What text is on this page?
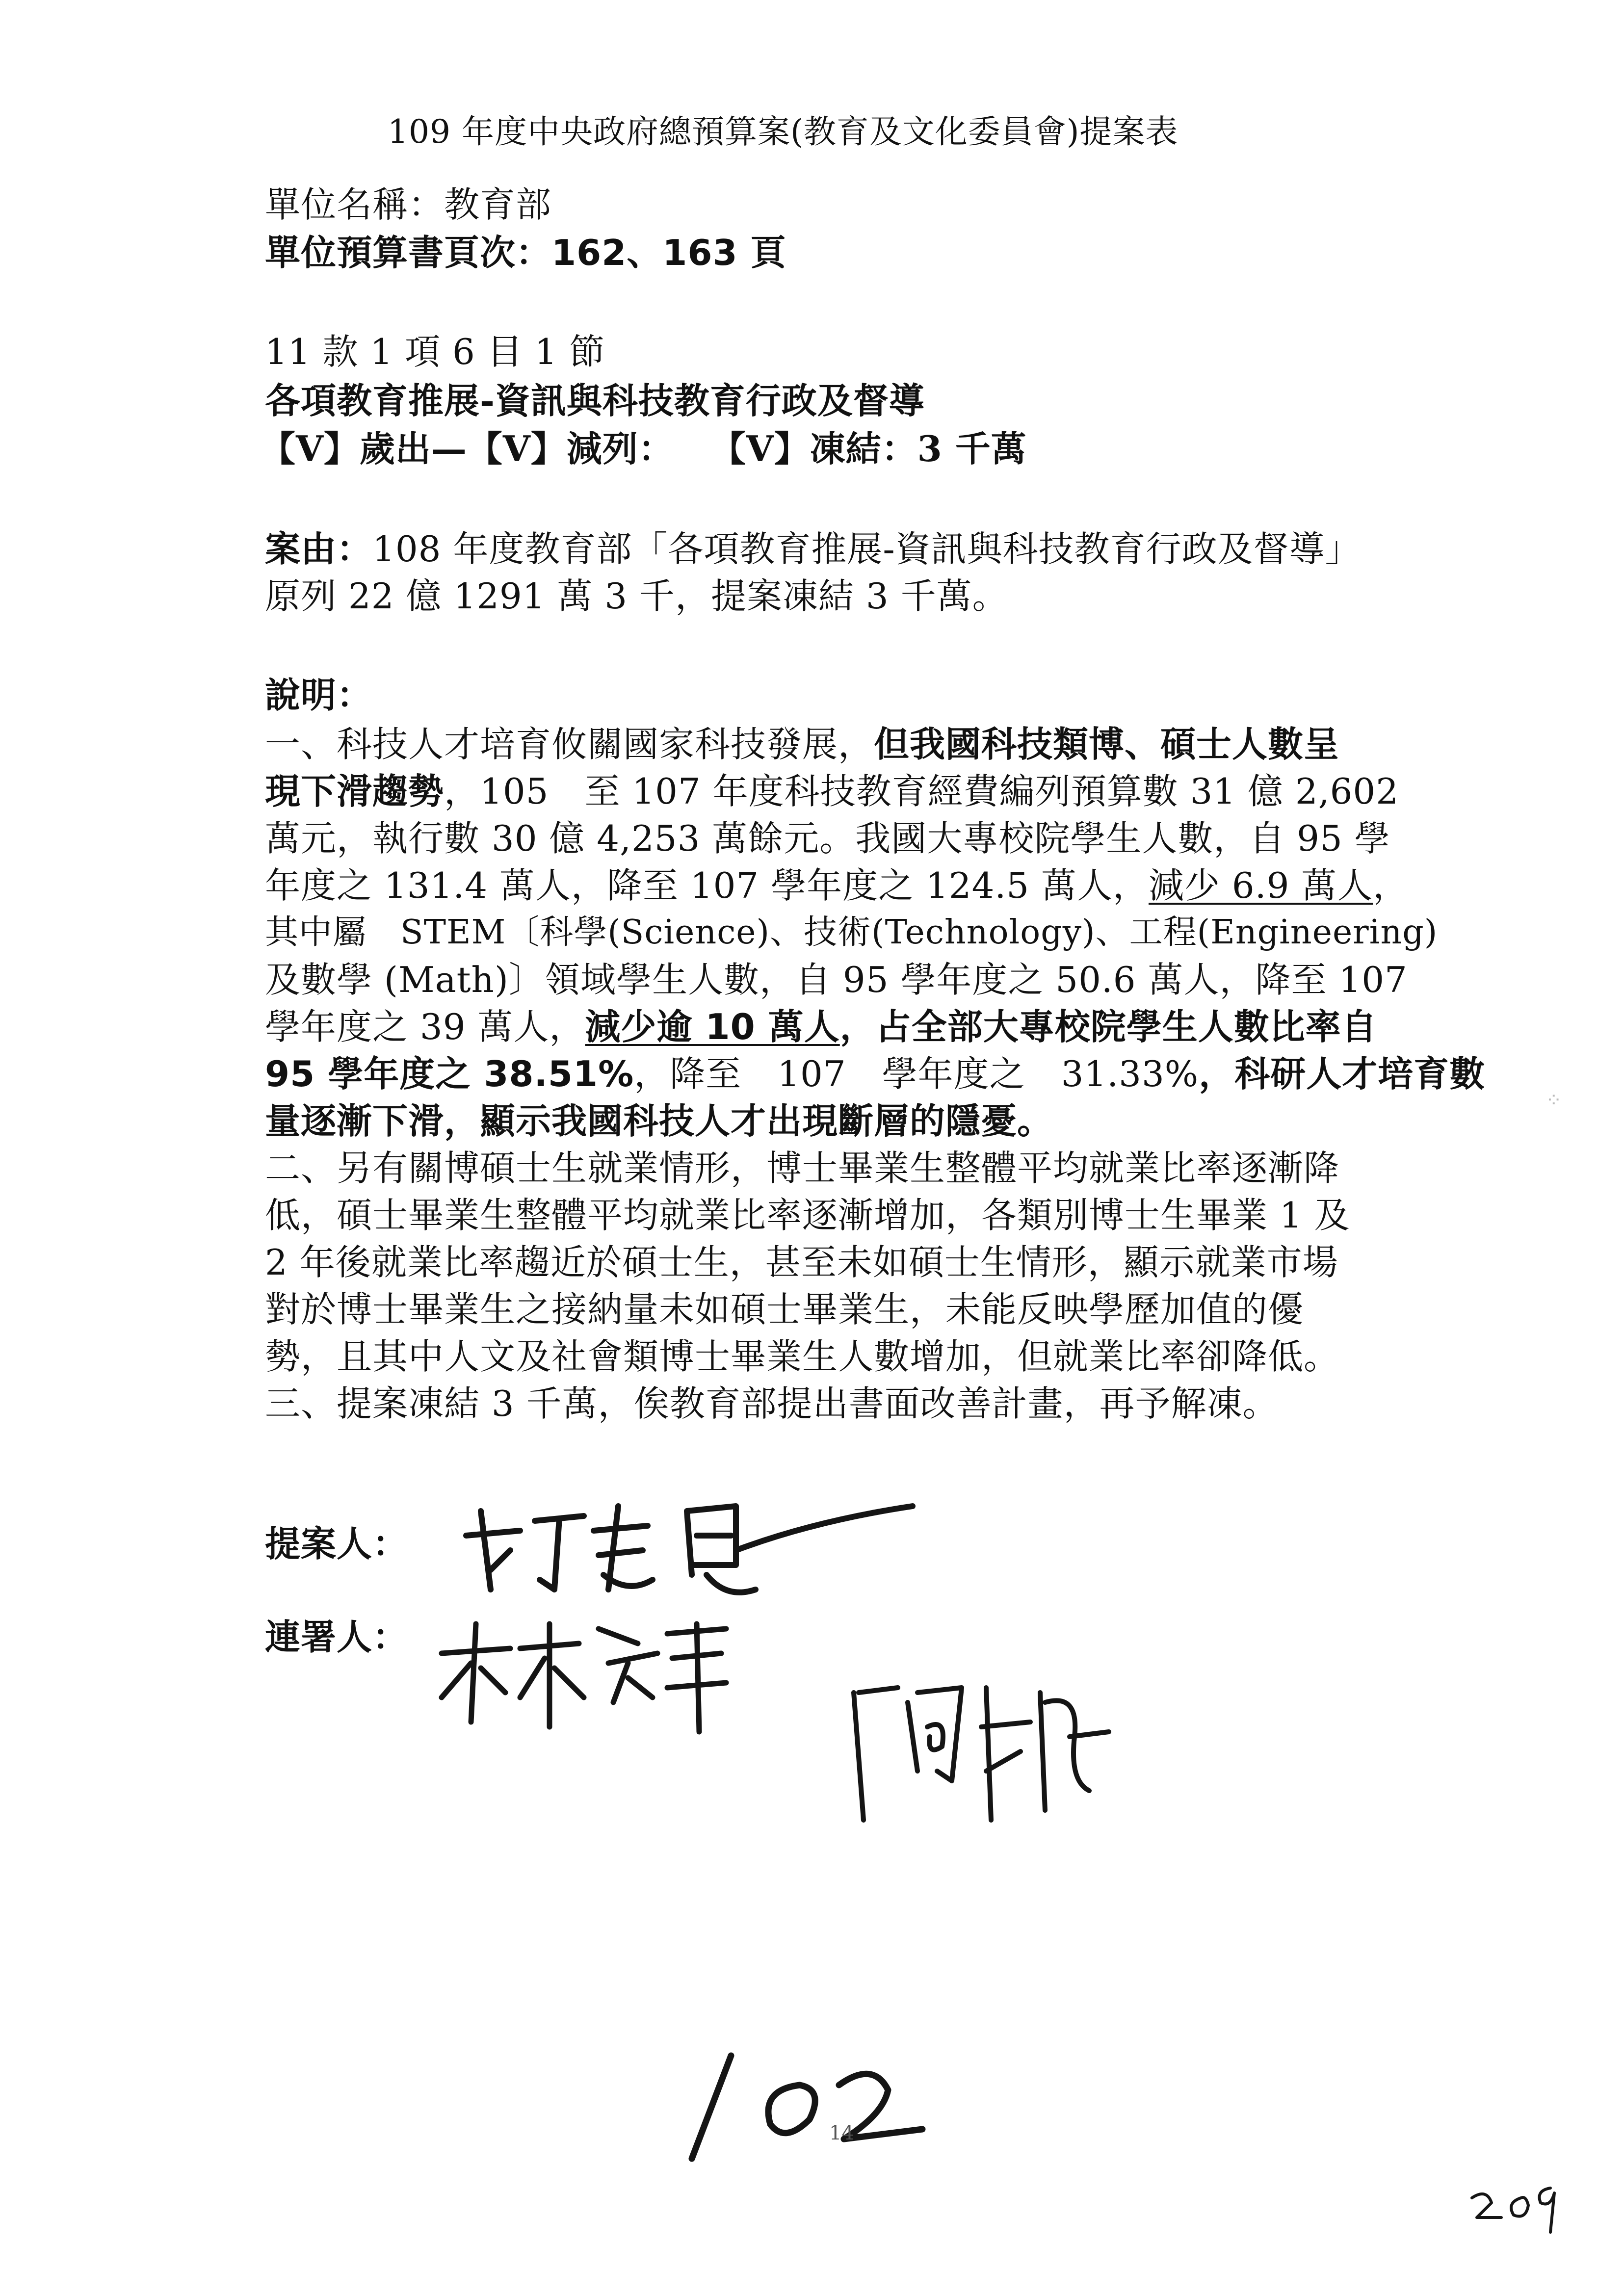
109 年度中央政府總預算案(教育及文化委員會)提案表
單位名稱：教育部
單位預算書頁次：162、163 頁
11 款 1 項 6 目 1 節
各項教育推展-資訊與科技教育行政及督導
【V】歲出—【V】減列：　　【V】凍結：3 千萬
案由：108 年度教育部「各項教育推展-資訊與科技教育行政及督導」
原列 22 億 1291 萬 3 千，提案凍結 3 千萬。
說明：
一、科技人才培育攸關國家科技發展，但我國科技類博、碩士人數呈
現下滑趨勢，105　至 107 年度科技教育經費編列預算數 31 億 2,602
萬元，執行數 30 億 4,253 萬餘元。我國大專校院學生人數，自 95 學
年度之 131.4 萬人，降至 107 學年度之 124.5 萬人，減少 6.9 萬人，
其中屬　STEM〔科學(Science)、技術(Technology)、工程(Engineering)
及數學 (Math)〕領域學生人數，自 95 學年度之 50.6 萬人，降至 107
學年度之 39 萬人，減少逾 10 萬人，占全部大專校院學生人數比率自
95 學年度之 38.51%，降至　107　學年度之　31.33%，科研人才培育數
量逐漸下滑，顯示我國科技人才出現斷層的隱憂。
二、另有關博碩士生就業情形，博士畢業生整體平均就業比率逐漸降
低，碩士畢業生整體平均就業比率逐漸增加，各類別博士生畢業 1 及
2 年後就業比率趨近於碩士生，甚至未如碩士生情形，顯示就業市場
對於博士畢業生之接納量未如碩士畢業生，未能反映學歷加值的優
勢，且其中人文及社會類博士畢業生人數增加，但就業比率卻降低。
三、提案凍結 3 千萬，俟教育部提出書面改善計畫，再予解凍。
提案人：
連署人：
14
⁘
